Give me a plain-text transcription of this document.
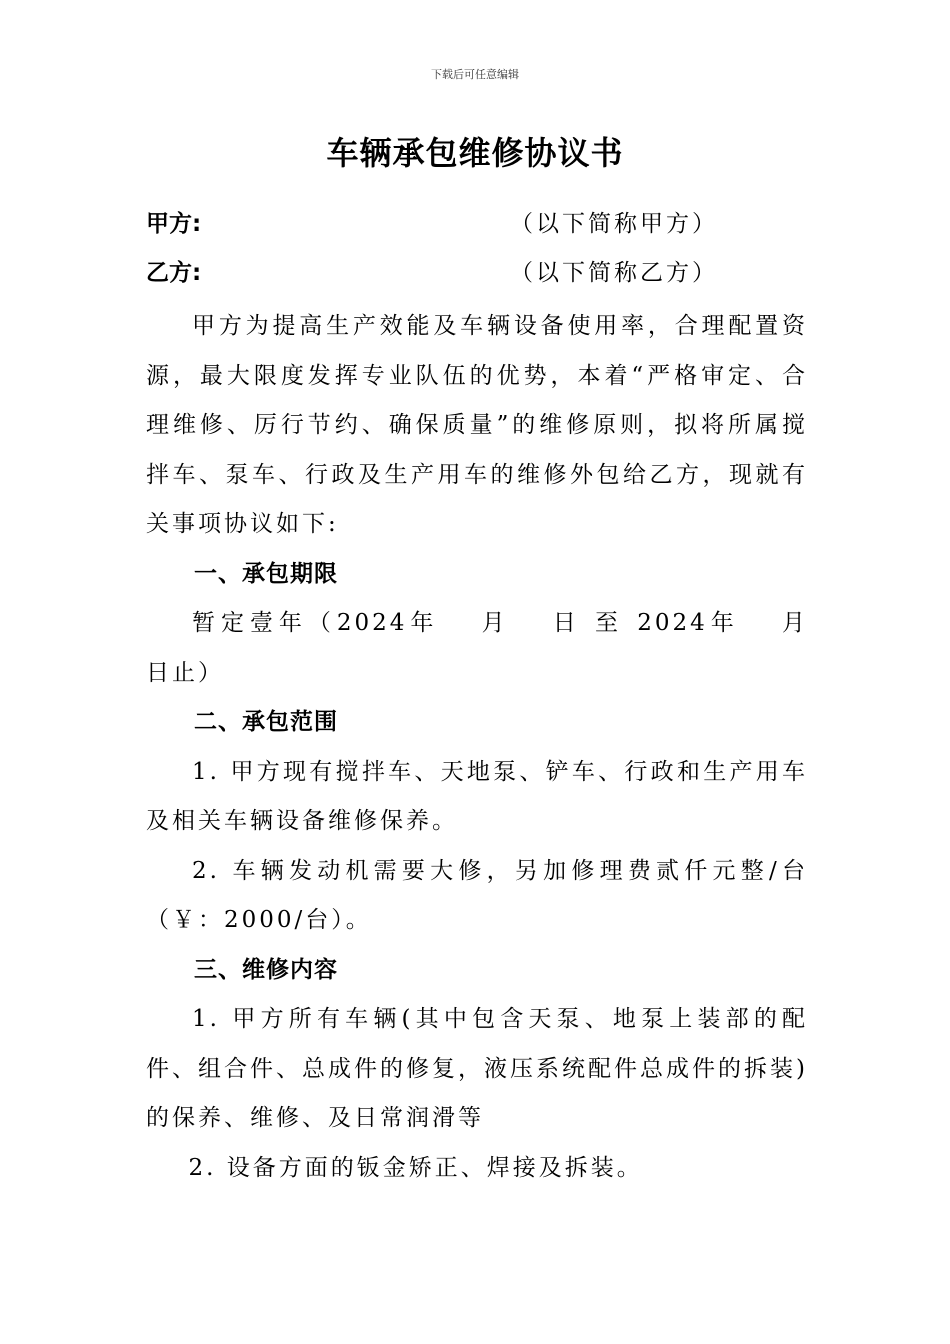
下载后可任意编辑
车辆承包维修协议书
甲方:	（以下简称甲方）
乙方:	（以下简称乙方）

甲方为提高生产效能及车辆设备使用率，合理配置资源，最大限度发挥专业队伍的优势，本着“严格审定、合理维修、厉行节约、确保质量”的维修原则，拟将所属搅拌车、泵车、行政及生产用车的维修外包给乙方，现就有关事项协议如下:

一、承包期限

暂定壹年（2024年　 月　 日 至 2024年　 月　 日止）

二、承包范围

1. 甲方现有搅拌车、天地泵、铲车、行政和生产用车及相关车辆设备维修保养。

2. 车辆发动机需要大修，另加修理费贰仟元整/台（￥：2000/台）。

三、维修内容

1. 甲方所有车辆(其中包含天泵、地泵上装部的配件、组合件、总成件的修复，液压系统配件总成件的拆装)的保养、维修、及日常润滑等

2. 设备方面的钣金矫正、焊接及拆装。
